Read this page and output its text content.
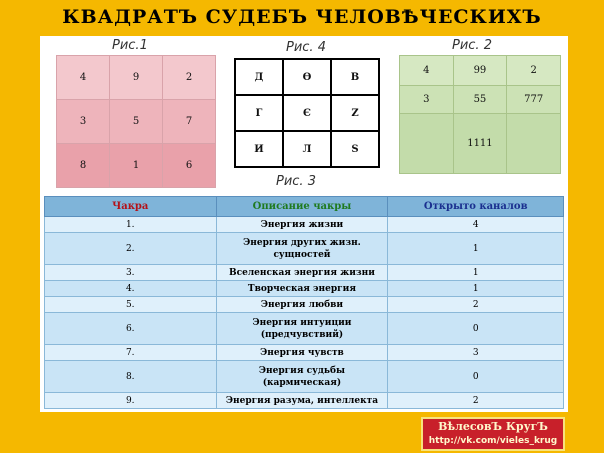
КВАДРАТЪ СУДЕБЪ ЧЕЛОВѢЧЕСКИХЪ
Рис.1
4	9	2
3	5	7
8	1	6
Рис. 4
Д	Ѳ	В
Г	Є	Ζ
И	Л	Ѕ
Рис. 3
Рис. 2
4	99	2
3	55	777
	1111	
Чакра	Описание чакры	Открыто каналов
1.	Энергия жизни	4
2.	Энергия других жизн. сущностей	1
3.	Вселенская энергия жизни	1
4.	Творческая энергия	1
5.	Энергия любви	2
6.	Энергия интуиции (предчувствий)	0
7.	Энергия чувств	3
8.	Энергия судьбы (кармическая)	0
9.	Энергия разума, интеллекта	2
ВѣлесовЪ КругЪ
http://vk.com/vieles_krug
